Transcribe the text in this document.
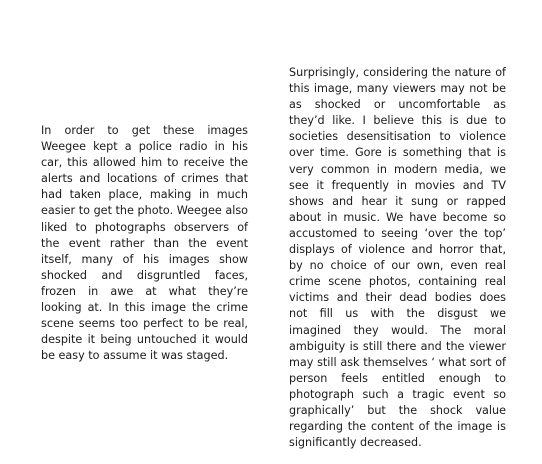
In order to get these images Weegee kept a police radio in his car, this allowed him to receive the alerts and locations of crimes that had taken place, making in much easier to get the photo. Weegee also liked to photographs observers of the event rather than the event itself, many of his images show shocked and disgruntled faces, frozen in awe at what they’re looking at. In this image the crime scene seems too perfect to be real, despite it being untouched it would be easy to assume it was staged.

Surprisingly, considering the nature of this image, many viewers may not be as shocked or uncomfortable as they’d like. I believe this is due to societies desensitisation to violence over time. Gore is something that is very common in modern media, we see it frequently in movies and TV shows and hear it sung or rapped about in music. We have become so accustomed to seeing ‘over the top’ displays of violence and horror that, by no choice of our own, even real crime scene photos, containing real victims and their dead bodies does not fill us with the disgust we imagined they would. The moral ambiguity is still there and the viewer may still ask themselves ‘ what sort of person feels entitled enough to photograph such a tragic event so graphically’ but the shock value regarding the content of the image is significantly decreased.
